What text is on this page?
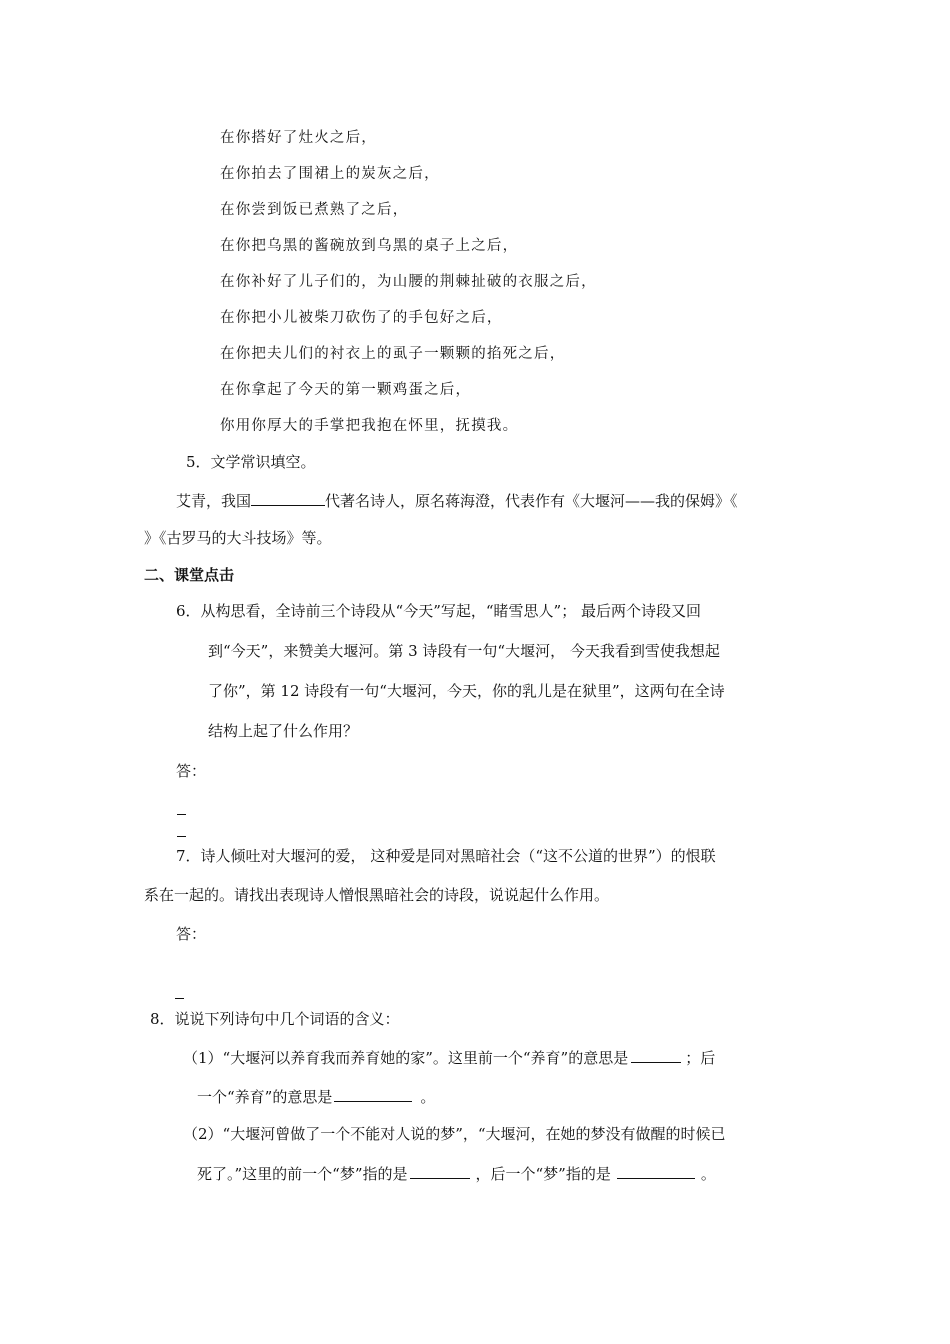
在你搭好了灶火之后，
在你拍去了围裙上的炭灰之后，
在你尝到饭已煮熟了之后，
在你把乌黑的酱碗放到乌黑的桌子上之后，
在你补好了儿子们的，为山腰的荆棘扯破的衣服之后，
在你把小儿被柴刀砍伤了的手包好之后，
在你把夫儿们的衬衣上的虱子一颗颗的掐死之后，
在你拿起了今天的第一颗鸡蛋之后，
你用你厚大的手掌把我抱在怀里，抚摸我。
5．文学常识填空。
艾青，我国	代著名诗人，原名蒋海澄，代表作有《大堰河——我的保姆》《
》《古罗马的大斗技场》等。
二、课堂点击
6．从构思看，全诗前三个诗段从“今天”写起，“睹雪思人”； 最后两个诗段又回
到“今天”，来赞美大堰河。第 3 诗段有一句“大堰河， 今天我看到雪使我想起
了你”，第 12 诗段有一句“大堰河，今天，你的乳儿是在狱里”，这两句在全诗
结构上起了什么作用？
答：
7．诗人倾吐对大堰河的爱， 这种爱是同对黑暗社会（“这不公道的世界”）的恨联
系在一起的。请找出表现诗人憎恨黑暗社会的诗段，说说起什么作用。
答：
8．说说下列诗句中几个词语的含义：
（1）“大堰河以养育我而养育她的家”。这里前一个“养育”的意思是	；后
一个“养育”的意思是	。
（2）“大堰河曾做了一个不能对人说的梦”，“大堰河，在她的梦没有做醒的时候已
死了。”这里的前一个“梦”指的是	，后一个“梦”指的是	。
